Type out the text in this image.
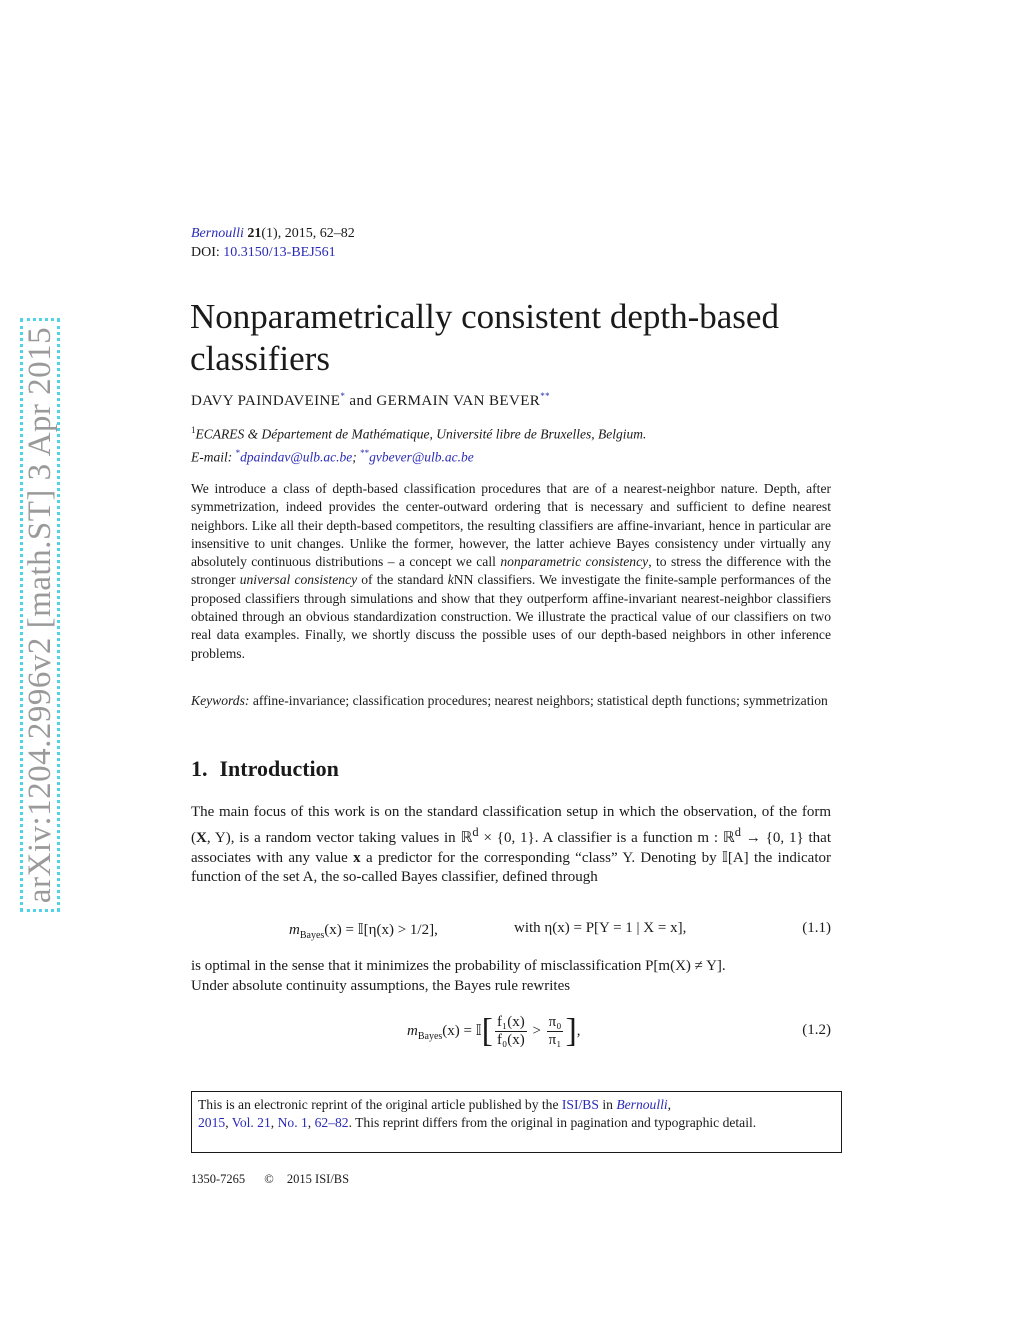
arXiv:1204.2996v2 [math.ST] 3 Apr 2015
Bernoulli 21(1), 2015, 62–82
DOI: 10.3150/13-BEJ561
Nonparametrically consistent depth-based classifiers
DAVY PAINDAVEINE* and GERMAIN VAN BEVER**
$^1$ECARES & Département de Mathématique, Université libre de Bruxelles, Belgium.
E-mail: *dpaindav@ulb.ac.be; **gvbever@ulb.ac.be

We introduce a class of depth-based classification procedures that are of a nearest-neighbor nature. Depth, after symmetrization, indeed provides the center-outward ordering that is necessary and sufficient to define nearest neighbors. Like all their depth-based competitors, the resulting classifiers are affine-invariant, hence in particular are insensitive to unit changes. Unlike the former, however, the latter achieve Bayes consistency under virtually any absolutely continuous distributions – a concept we call nonparametric consistency, to stress the difference with the stronger universal consistency of the standard kNN classifiers. We investigate the finite-sample performances of the proposed classifiers through simulations and show that they outperform affine-invariant nearest-neighbor classifiers obtained through an obvious standardization construction. We illustrate the practical value of our classifiers on two real data examples. Finally, we shortly discuss the possible uses of our depth-based neighbors in other inference problems.

Keywords: affine-invariance; classification procedures; nearest neighbors; statistical depth functions; symmetrization
1. Introduction

The main focus of this work is on the standard classification setup in which the observation, of the form (X, Y), is a random vector taking values in ℝ$^d$ × {0, 1}. A classifier is a function m : ℝ$^d$ → {0, 1} that associates with any value x a predictor for the corresponding “class” Y. Denoting by 𝕀[A] the indicator function of the set A, the so-called Bayes classifier, defined through

$m_{Bayes}(x)$ = 𝕀[η(x) > 1/2],	with η(x) = P[Y = 1 | X = x],	(1.1)
is optimal in the sense that it minimizes the probability of misclassification P[m(X) ≠ Y].
Under absolute continuity assumptions, the Bayes rule rewrites
$m_{Bayes}(x)$ = 𝕀[ $\frac{\text{f₁(x)}}{\text{f₀(x)}} > \frac{\text{π₀}}{\text{π₁}}$ ],	(1.2)
This is an electronic reprint of the original article published by the ISI/BS in Bernoulli,
2015, Vol. 21, No. 1, 62–82. This reprint differs from the original in pagination and typographic detail.
1350-7265 © 2015 ISI/BS
